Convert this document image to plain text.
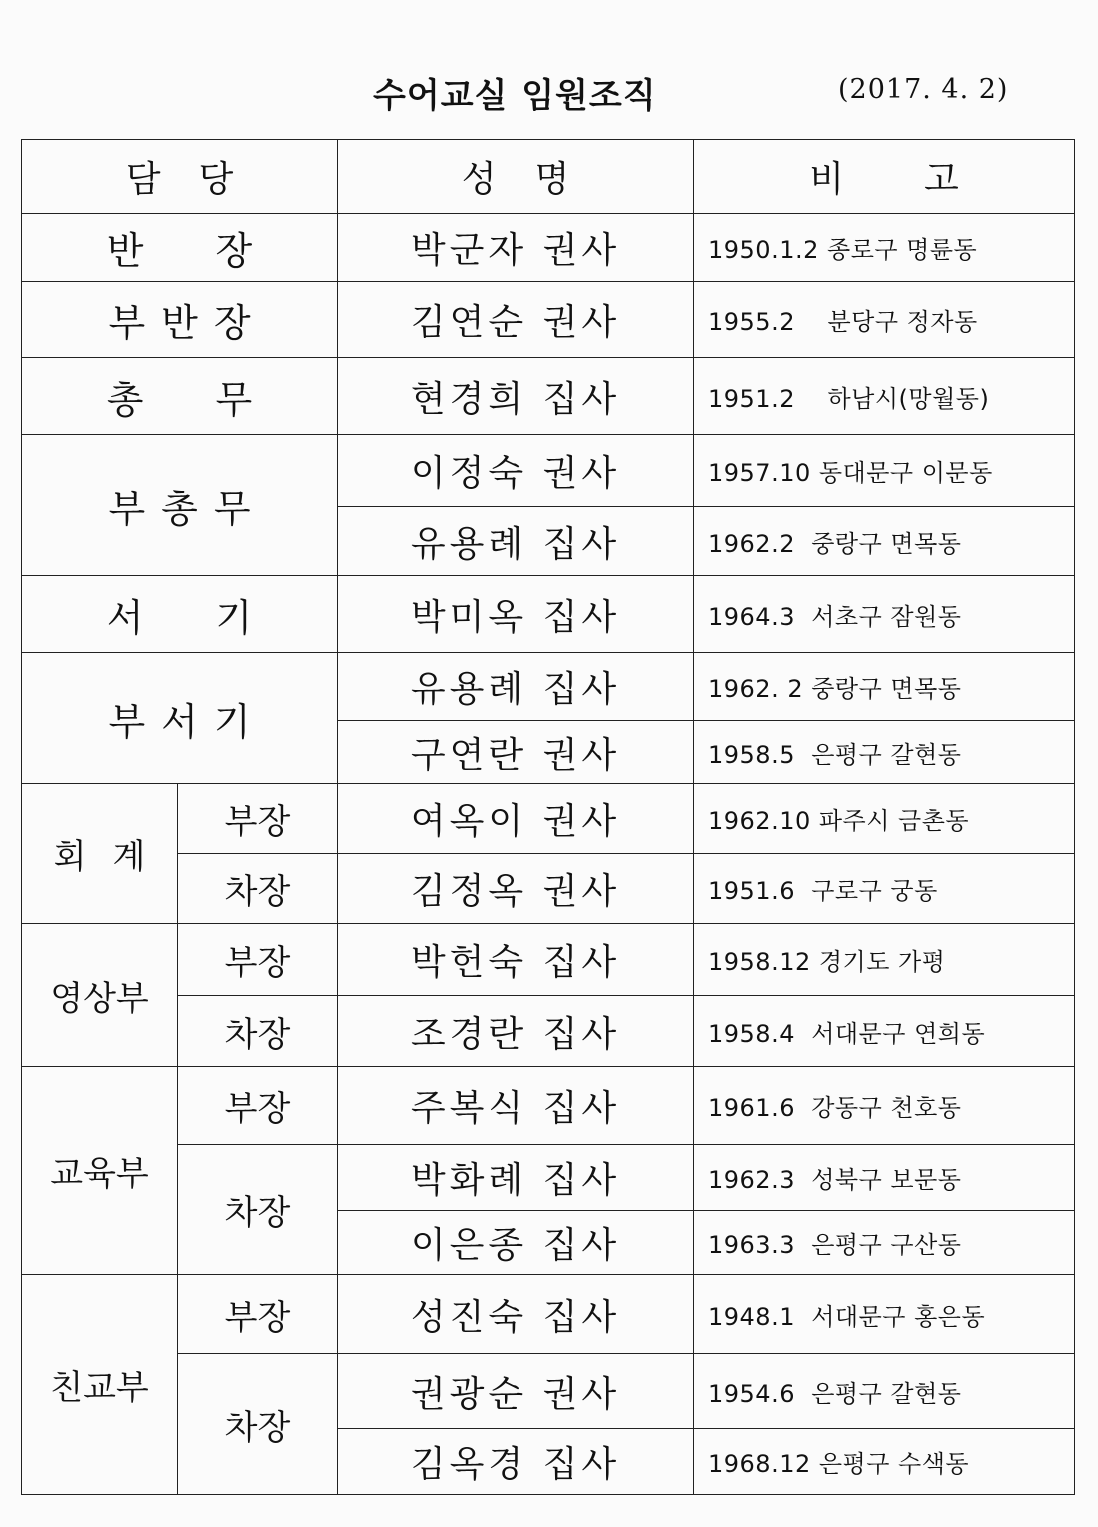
수어교실 임원조직	(2017. 4. 2)
담당		성명	비고
반장		박군자 권사	1950.1.2 종로구 명륜동
부반장		김연순 권사	1955.2    분당구 정자동
총무		현경희 집사	1951.2    하남시(망월동)
부총무		이정숙 권사	1957.10 동대문구 이문동
		유용례 집사	1962.2  중랑구 면목동
서기		박미옥 집사	1964.3  서초구 잠원동
부서기		유용례 집사	1962. 2 중랑구 면목동
		구연란 권사	1958.5  은평구 갈현동
회계	부장	여옥이 권사	1962.10 파주시 금촌동
	차장	김정옥 권사	1951.6  구로구 궁동
영상부	부장	박헌숙 집사	1958.12 경기도 가평
	차장	조경란 집사	1958.4  서대문구 연희동
교육부	부장	주복식 집사	1961.6  강동구 천호동
	차장	박화례 집사	1962.3  성북구 보문동
		이은종 집사	1963.3  은평구 구산동
친교부	부장	성진숙 집사	1948.1  서대문구 홍은동
	차장	권광순 권사	1954.6  은평구 갈현동
		김옥경 집사	1968.12 은평구 수색동
